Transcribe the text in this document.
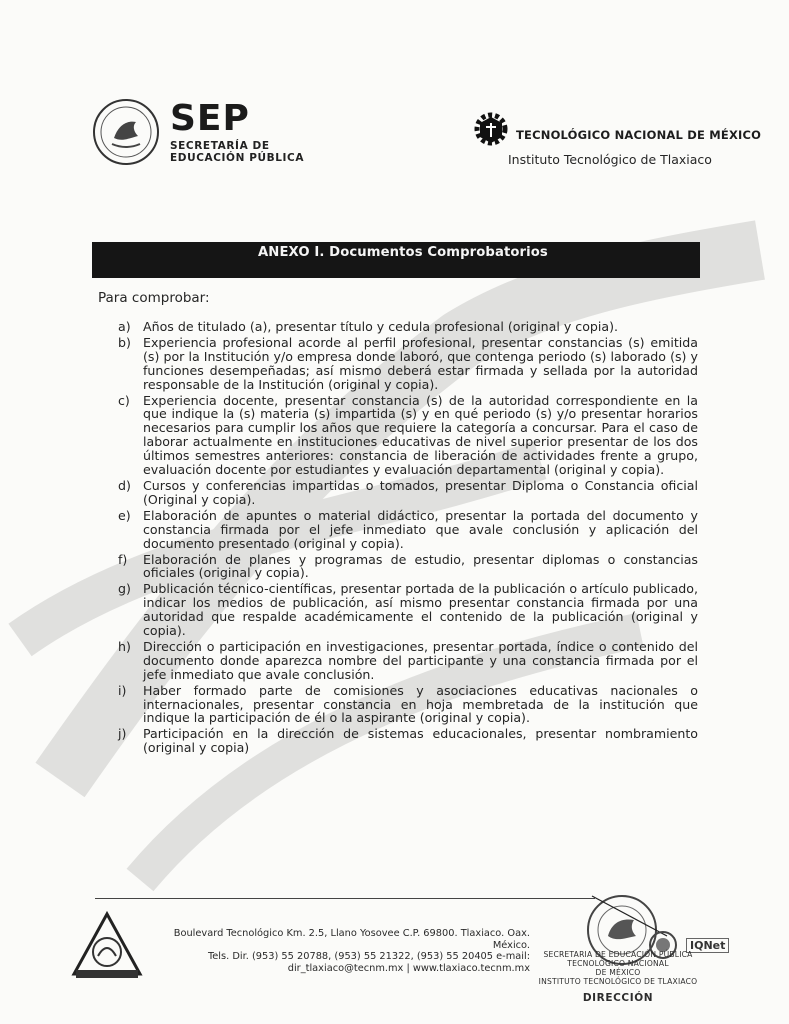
SEP
SECRETARÍA DE
EDUCACIÓN PÚBLICA
TECNOLÓGICO NACIONAL DE MÉXICO
Instituto Tecnológico de Tlaxiaco
ANEXO I. Documentos Comprobatorios
Para comprobar:
a) Años de titulado (a), presentar título y cedula profesional (original y copia).
b) Experiencia profesional acorde al perfil profesional, presentar constancias (s) emitida (s) por la Institución y/o empresa donde laboró, que contenga periodo (s) laborado (s) y funciones desempeñadas; así mismo deberá estar firmada y sellada por la autoridad responsable de la Institución (original y copia).
c) Experiencia docente, presentar constancia (s) de la autoridad correspondiente en la que indique la (s) materia (s) impartida (s) y en qué periodo (s) y/o presentar horarios necesarios para cumplir los años que requiere la categoría a concursar. Para el caso de laborar actualmente en instituciones educativas de nivel superior presentar de los dos últimos semestres anteriores: constancia de liberación de actividades frente a grupo, evaluación docente por estudiantes y evaluación departamental (original y copia).
d) Cursos y conferencias impartidas o tomados, presentar Diploma o Constancia oficial (Original y copia).
e) Elaboración de apuntes o material didáctico, presentar la portada del documento y constancia firmada por el jefe inmediato que avale conclusión y aplicación del documento presentado (original y copia).
f) Elaboración de planes y programas de estudio, presentar diplomas o constancias oficiales (original y copia).
g) Publicación técnico-científicas, presentar portada de la publicación o artículo publicado, indicar los medios de publicación, así mismo presentar constancia firmada por una autoridad que respalde académicamente el contenido de la publicación (original y copia).
h) Dirección o participación en investigaciones, presentar portada, índice o contenido del documento donde aparezca nombre del participante y una constancia firmada por el jefe inmediato que avale conclusión.
i) Haber formado parte de comisiones y asociaciones educativas nacionales o internacionales, presentar constancia en hoja membretada de la institución que indique la participación de él o la aspirante (original y copia).
j) Participación en la dirección de sistemas educacionales, presentar nombramiento (original y copia)
Boulevard Tecnológico Km. 2.5, Llano Yosovee C.P. 69800. Tlaxiaco. Oax. México.
Tels. Dir. (953) 55 20788, (953) 55 21322, (953) 55 20405 e-mail:
dir_tlaxiaco@tecnm.mx | www.tlaxiaco.tecnm.mx
IQNet
SECRETARIA DE EDUCACIÓN PÚBLICA
TECNOLÓGICO NACIONAL
DE MÉXICO
INSTITUTO TECNOLÓGICO DE TLAXIACO
DIRECCIÓN
